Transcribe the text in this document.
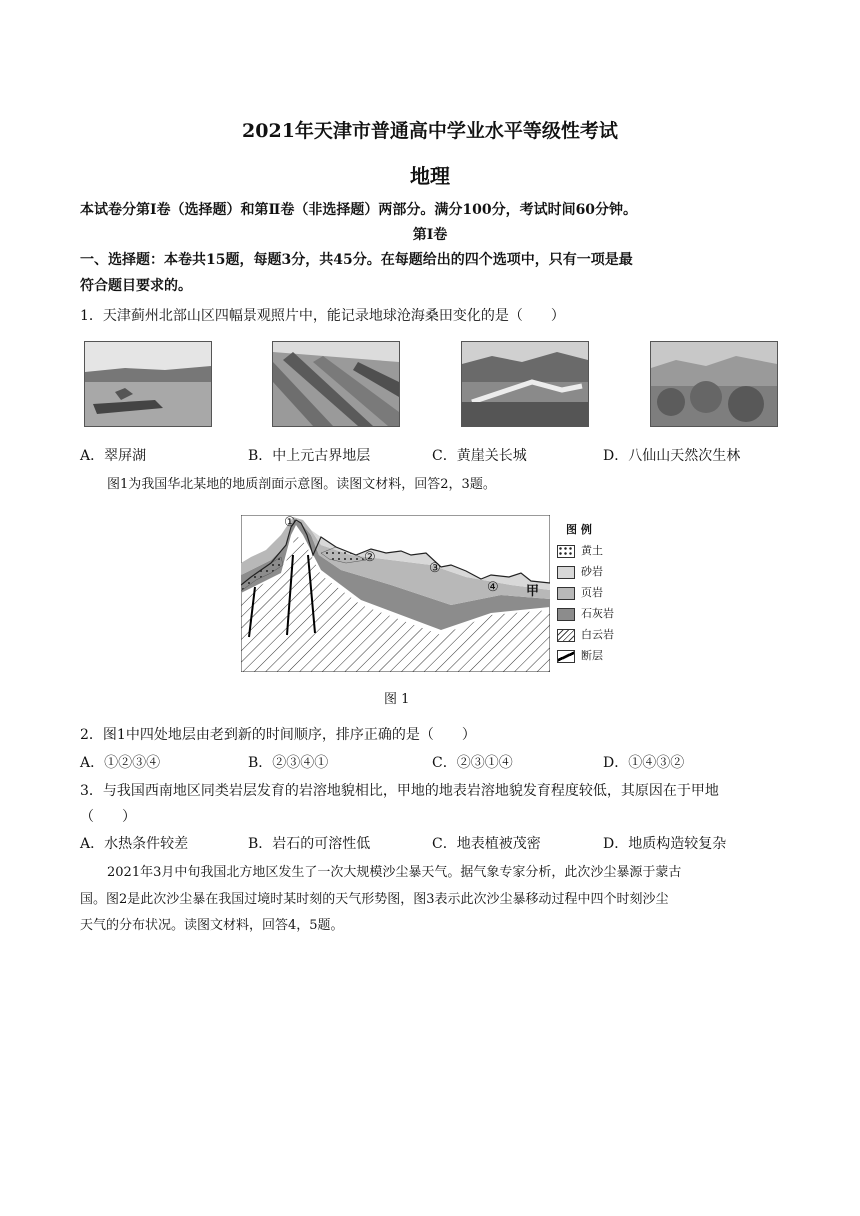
2021年天津市普通高中学业水平等级性考试
地理
本试卷分第Ⅰ卷（选择题）和第Ⅱ卷（非选择题）两部分。满分100分，考试时间60分钟。
第Ⅰ卷
一、选择题：本卷共15题，每题3分，共45分。在每题给出的四个选项中，只有一项是最
符合题目要求的。
1．天津蓟州北部山区四幅景观照片中，能记录地球沧海桑田变化的是（　　）
A．翠屏湖	B．中上元古界地层	C．黄崖关长城	D．八仙山天然次生林
图1为我国华北某地的地质剖面示意图。读图文材料，回答2，3题。
①
②
③
④ 甲
图 例
黄土
砂岩
页岩
石灰岩
白云岩
断层
图 1
2．图1中四处地层由老到新的时间顺序，排序正确的是（　　）
A．①②③④	B．②③④①	C．②③①④	D．①④③②
3．与我国西南地区同类岩层发育的岩溶地貌相比，甲地的地表岩溶地貌发育程度较低，其原因在于甲地
（　　）
A．水热条件较差	B．岩石的可溶性低	C．地表植被茂密	D．地质构造较复杂
2021年3月中旬我国北方地区发生了一次大规模沙尘暴天气。据气象专家分析，此次沙尘暴源于蒙古
国。图2是此次沙尘暴在我国过境时某时刻的天气形势图，图3表示此次沙尘暴移动过程中四个时刻沙尘
天气的分布状况。读图文材料，回答4，5题。
